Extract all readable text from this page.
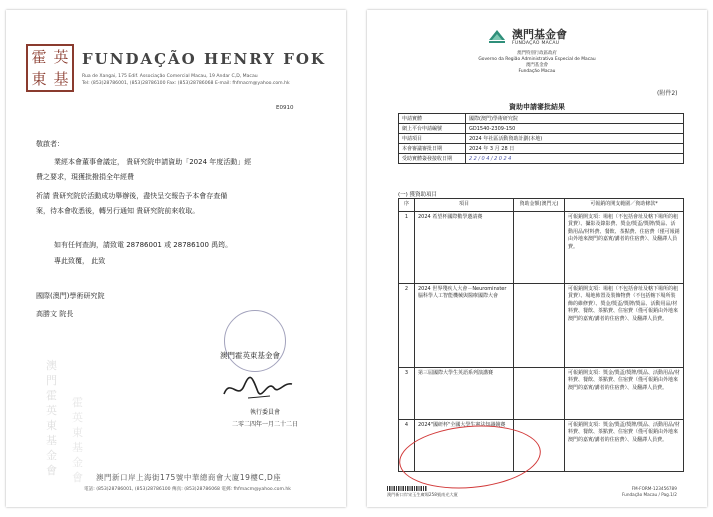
霍 英
東 基
FUNDAÇÃO HENRY FOK
Rua de Xangai, 175 Edif. Associação Comercial Macau, 19 Andar C,D, Macau
Tel: (853)28786001, (853)28786100 Fax: (853)28786068 E-mail: fhfmacm@yahoo.com.hk
E0910
敬啟者：
業經本會董事會議定， 貴研究院申請資助「2024 年度活動」經
費之要求，現獲批撥捐全年經費
祈請 貴研究院於活動成功舉辦後，盡快呈交報告予本會存查備
案，待本會收悉後，轉另行通知 貴研究院前來收取。
如有任何查詢，請致電 28786001 或 28786100 禹筠。
專此致覆， 此致
國際(澳門)學術研究院
高勝文 院長
澳門霍英東基金會
執行委員會
二零二四年一月二十二日
澳門霍英東基金會
霍英東基金會 澳門新口岸上海街175號中華總商會大廈19樓C,D座
電話: (853)28786001, (853)28786100 傳真: (853)28786068 電郵: fhfmacm@yahoo.com.hk
澳門基金會
FUNDAÇÃO MACAU
澳門特別行政區政府
Governo da Região Administrativa Especial de Macau
澳門基金會
Fundação Macau
(附件2)
資助申請審批結果
申請實體	國際(澳門)學術研究院
網上平台申請編號	GD1540-2309-150
申請項目	2024 年社區活動資助計劃(本地)
本會審議審批日期	2024 年 3 月 28 日
受助實體簽發接收日期	22/04/2024
(一) 獲資助項目
序	項目	資助金額(澳門元)	可報銷的開支範圍／資助條款*
1	2024 希望杯國際數學邀請賽		可報銷開支項：場租（不包括會址及轄下場所的租賃費）、攝影及錄影費、獎金/獎盃/獎牌/獎品、活動用品/材料費、餐飲、茶點費、住宿費（僅可報銷由外地來澳門的嘉賓/講者的住宿費）、及翻譯人員費。
2	2024 世界殘疾人大會－Neurominster 腦科學人工智能機械與醫療國際大會		可報銷開支項：場租（不包括會址及轄下場所的租賃費）、場地佈置及裝飾物費（不包括轄下場所裝飾的維修費）、獎金/獎盃/獎牌/獎品、活動用品/材料費、餐飲、茶點費、住宿費（僅可報銷由外地來澳門的嘉賓/講者的住宿費）、及翻譯人員費。
3	第三屆國際大學生英語系列演講賽		可報銷開支項：獎金/獎盃/獎牌/獎品、活動用品/材料費、餐飲、茶點費、住宿費（僅可報銷由外地來澳門的嘉賓/講者的住宿費）、及翻譯人員費。
4	2024"國研杯"全國大學生憲法知識競賽		可報銷開支項：獎金/獎盃/獎牌/獎品、活動用品/材料費、餐飲、茶點費、住宿費（僅可報銷由外地來澳門的嘉賓/講者的住宿費）、及翻譯人員費。
澳門新口岸宋玉生廣場258號南光大廈
FM-FORM-123456789
Fundação Macau / Pag.1/2
